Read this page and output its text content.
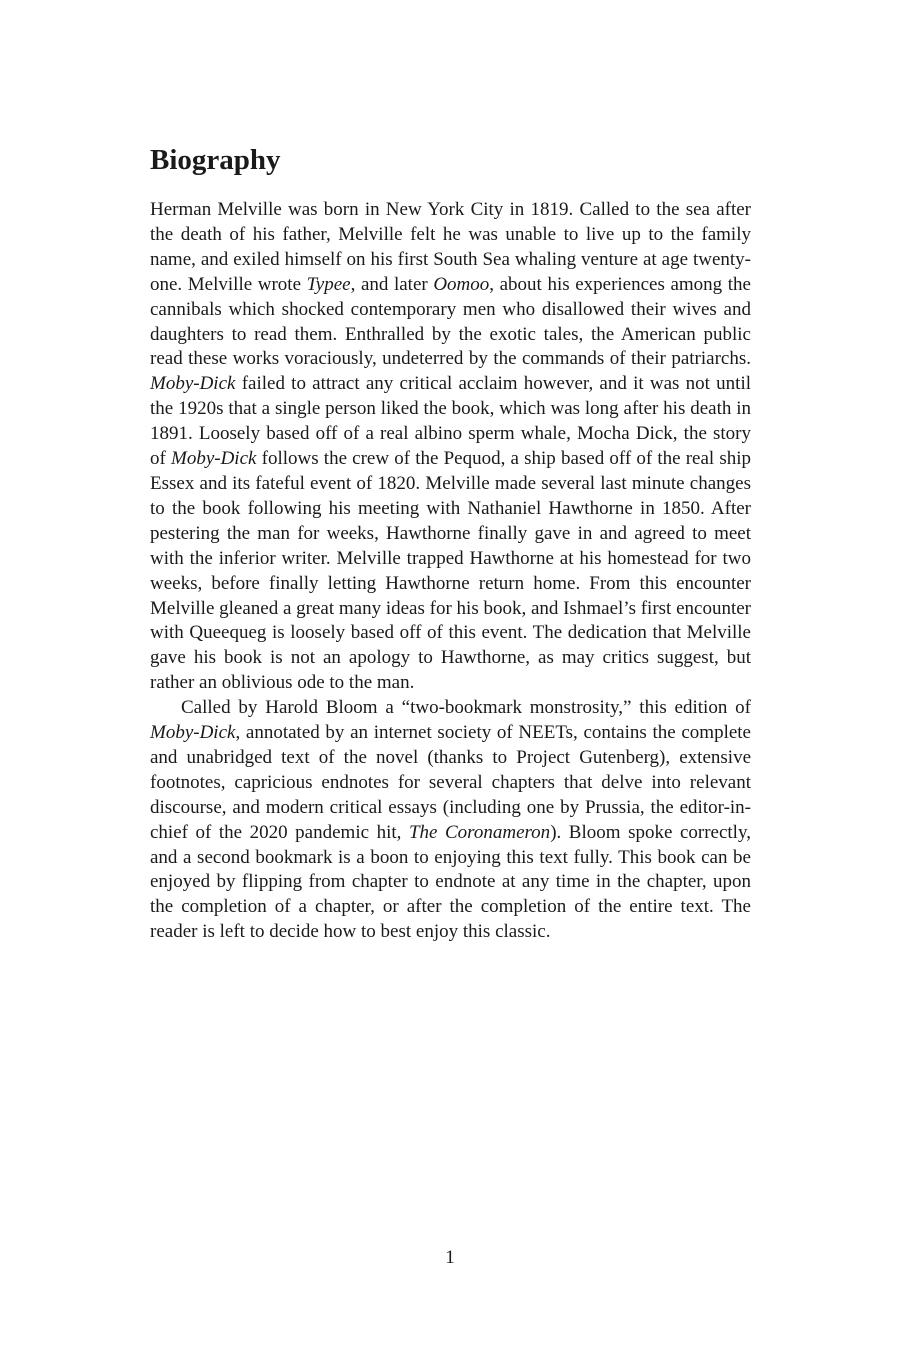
Biography

Herman Melville was born in New York City in 1819. Called to the sea after the death of his father, Melville felt he was unable to live up to the family name, and exiled himself on his first South Sea whaling venture at age twenty-one. Melville wrote Typee, and later Oomoo, about his experiences among the cannibals which shocked contemporary men who disallowed their wives and daughters to read them. Enthralled by the exotic tales, the American public read these works voraciously, undeterred by the commands of their patriarchs. Moby-Dick failed to attract any critical acclaim however, and it was not until the 1920s that a single person liked the book, which was long after his death in 1891. Loosely based off of a real albino sperm whale, Mocha Dick, the story of Moby-Dick follows the crew of the Pequod, a ship based off of the real ship Essex and its fateful event of 1820. Melville made several last minute changes to the book following his meeting with Nathaniel Hawthorne in 1850. After pestering the man for weeks, Hawthorne finally gave in and agreed to meet with the inferior writer. Melville trapped Hawthorne at his homestead for two weeks, before finally letting Hawthorne return home. From this encounter Melville gleaned a great many ideas for his book, and Ishmael’s first encounter with Queequeg is loosely based off of this event. The dedication that Melville gave his book is not an apology to Hawthorne, as may critics suggest, but rather an oblivious ode to the man.

Called by Harold Bloom a “two-bookmark monstrosity,” this edition of Moby-Dick, annotated by an internet society of NEETs, contains the complete and unabridged text of the novel (thanks to Project Gutenberg), extensive footnotes, capricious endnotes for several chapters that delve into relevant discourse, and modern critical essays (including one by Prussia, the editor-in-chief of the 2020 pandemic hit, The Coronameron). Bloom spoke correctly, and a second bookmark is a boon to enjoying this text fully. This book can be enjoyed by flipping from chapter to endnote at any time in the chapter, upon the completion of a chapter, or after the completion of the entire text. The reader is left to decide how to best enjoy this classic.

1
